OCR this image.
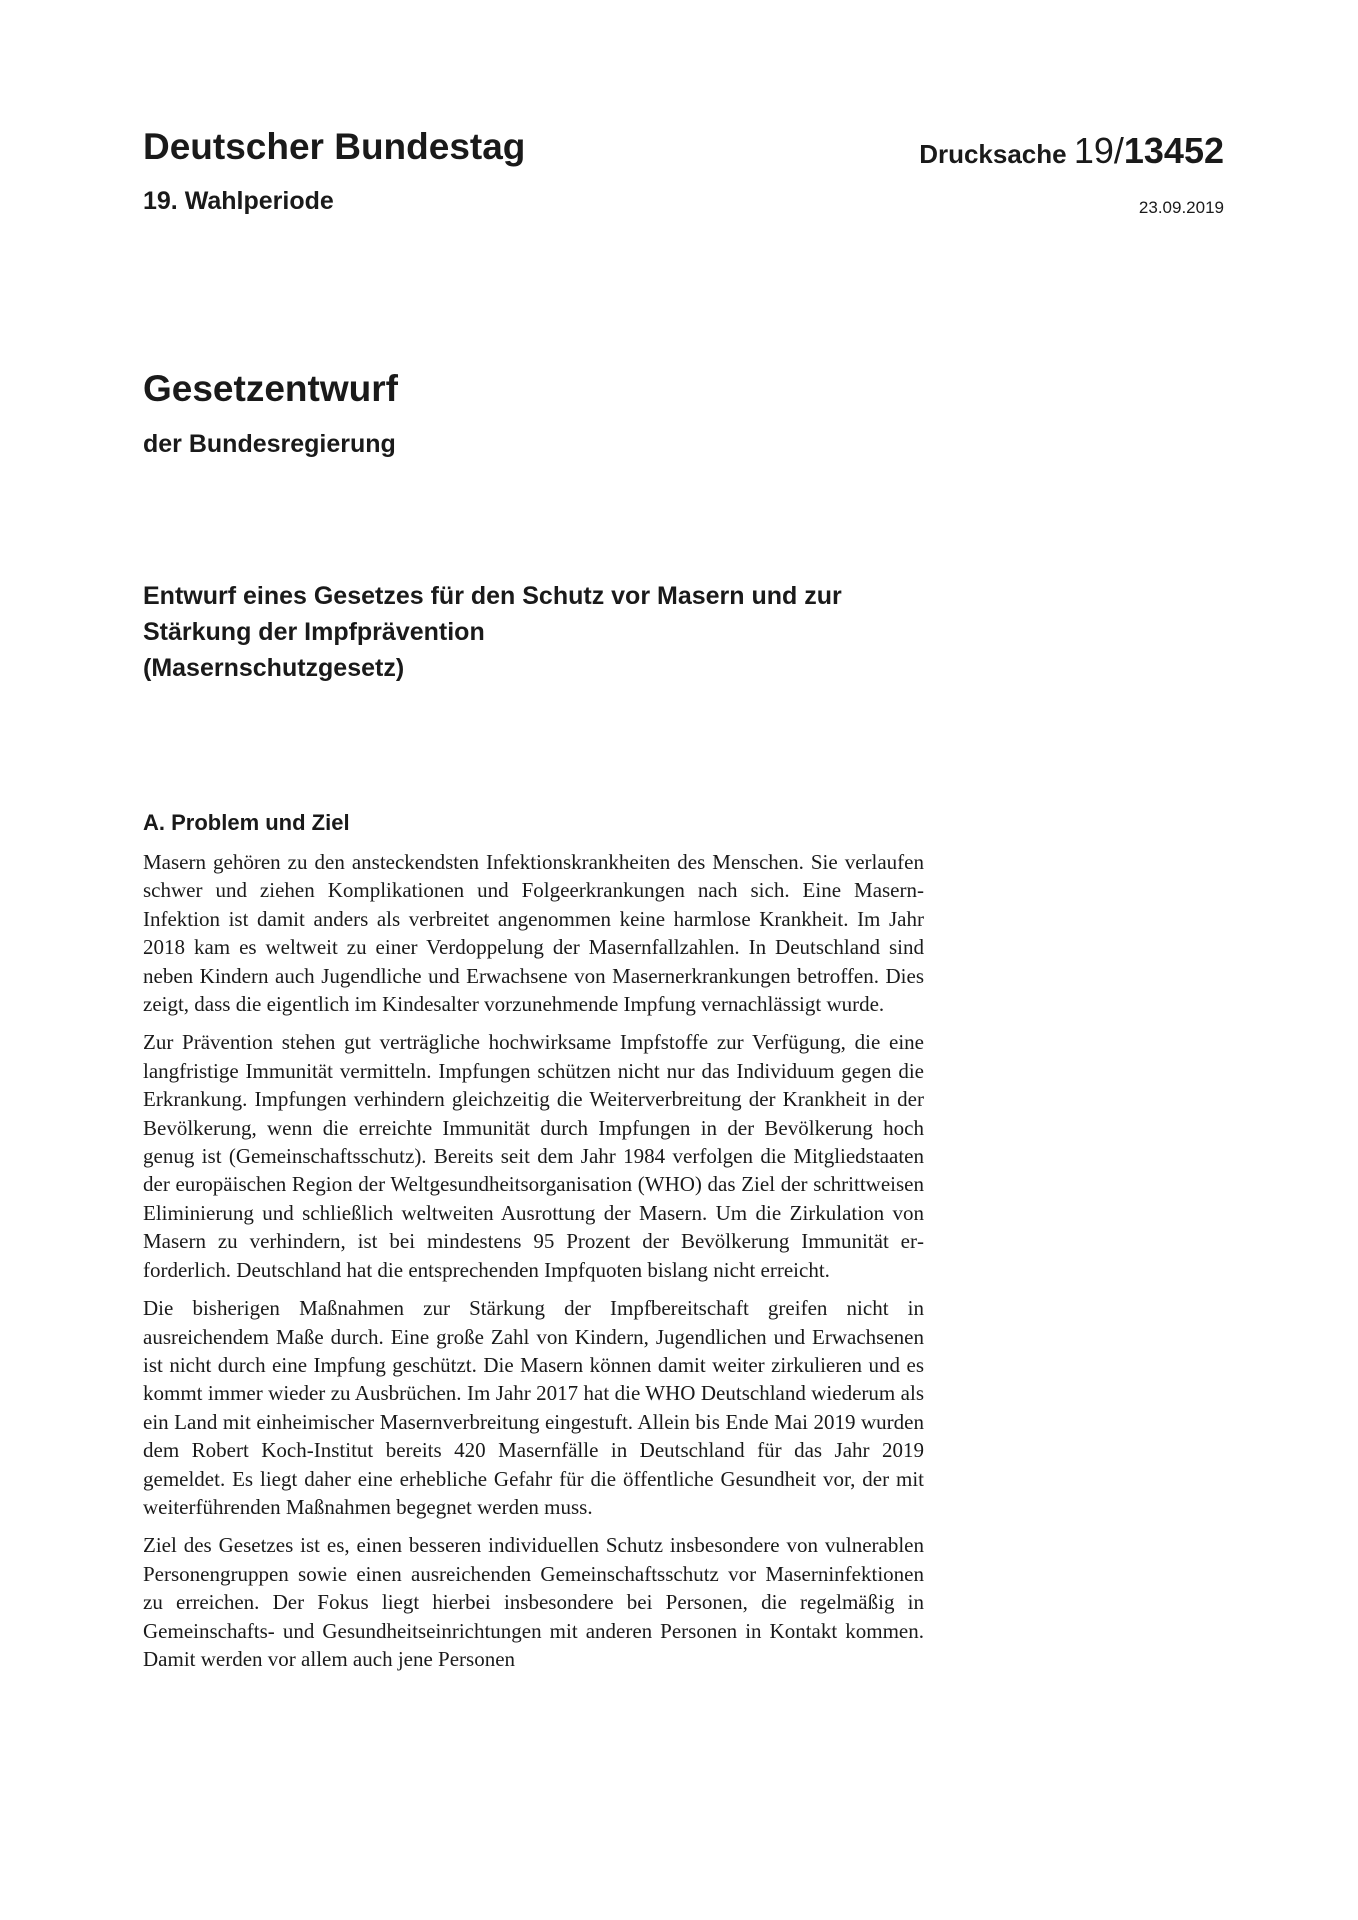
Deutscher Bundestag
19. Wahlperiode
Drucksache 19/13452
23.09.2019
Gesetzentwurf
der Bundesregierung
Entwurf eines Gesetzes für den Schutz vor Masern und zur
Stärkung der Impfprävention
(Masernschutzgesetz)
A. Problem und Ziel

Masern gehören zu den ansteckendsten Infektionskrankheiten des Menschen. Sie verlaufen schwer und ziehen Komplikationen und Folgeerkrankungen nach sich. Eine Masern-Infektion ist damit anders als verbreitet angenommen keine harmlose Krankheit. Im Jahr 2018 kam es weltweit zu einer Verdoppelung der Masernfallzahlen. In Deutschland sind neben Kindern auch Jugendliche und Erwachsene von Masernerkrankungen betroffen. Dies zeigt, dass die eigentlich im Kindesalter vorzunehmende Impfung vernachlässigt wurde.

Zur Prävention stehen gut verträgliche hochwirksame Impfstoffe zur Verfügung, die eine langfristige Immunität vermitteln. Impfungen schützen nicht nur das Individuum gegen die Erkrankung. Impfungen verhindern gleichzeitig die Weiterverbreitung der Krankheit in der Bevölkerung, wenn die erreichte Immunität durch Impfungen in der Bevölkerung hoch genug ist (Gemeinschaftsschutz). Bereits seit dem Jahr 1984 verfolgen die Mitgliedstaaten der europäischen Region der Weltgesundheitsorganisation (WHO) das Ziel der schrittweisen Eliminierung und schließlich weltweiten Ausrottung der Masern. Um die Zirkulation von Masern zu verhindern, ist bei mindestens 95 Prozent der Bevölkerung Immunität erforderlich. Deutschland hat die entsprechenden Impfquoten bislang nicht erreicht.

Die bisherigen Maßnahmen zur Stärkung der Impfbereitschaft greifen nicht in ausreichendem Maße durch. Eine große Zahl von Kindern, Jugendlichen und Erwachsenen ist nicht durch eine Impfung geschützt. Die Masern können damit weiter zirkulieren und es kommt immer wieder zu Ausbrüchen. Im Jahr 2017 hat die WHO Deutschland wiederum als ein Land mit einheimischer Masernverbreitung eingestuft. Allein bis Ende Mai 2019 wurden dem Robert Koch-Institut bereits 420 Masernfälle in Deutschland für das Jahr 2019 gemeldet. Es liegt daher eine erhebliche Gefahr für die öffentliche Gesundheit vor, der mit weiterführenden Maßnahmen begegnet werden muss.

Ziel des Gesetzes ist es, einen besseren individuellen Schutz insbesondere von vulnerablen Personengruppen sowie einen ausreichenden Gemeinschaftsschutz vor Maserninfektionen zu erreichen. Der Fokus liegt hierbei insbesondere bei Personen, die regelmäßig in Gemeinschafts- und Gesundheitseinrichtungen mit anderen Personen in Kontakt kommen. Damit werden vor allem auch jene Personen
